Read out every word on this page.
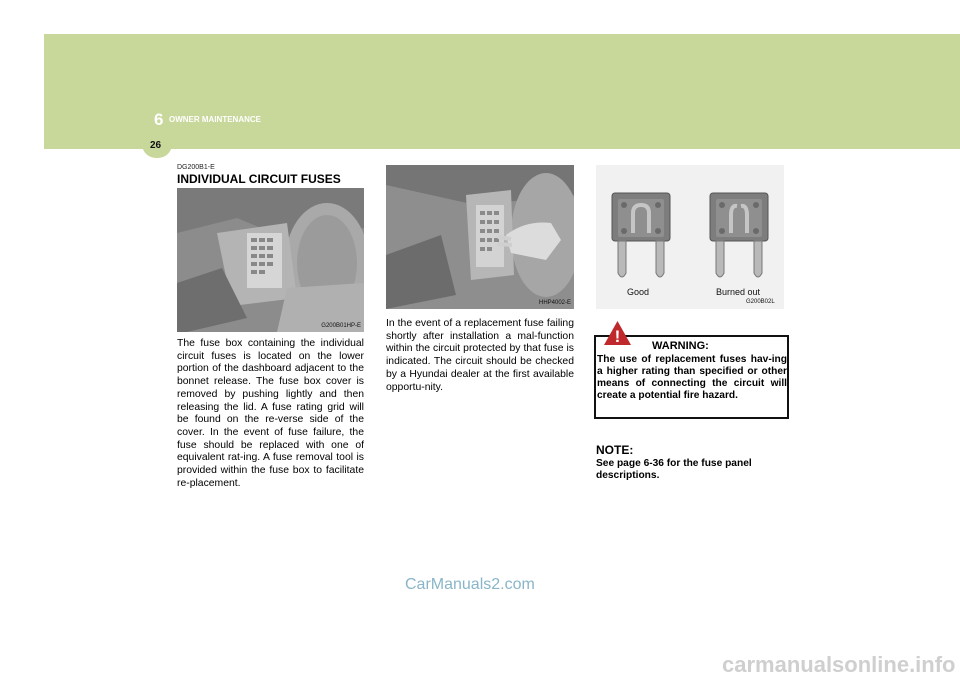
6 OWNER MAINTENANCE
26
DG200B1-E
INDIVIDUAL CIRCUIT FUSES
G200B01HP-E
HHP4002-E
Good	Burned out
G200B02L
The fuse box containing the individual circuit fuses is located on the lower portion of the dashboard adjacent to the bonnet release. The fuse box cover is removed by pushing lightly and then releasing the lid. A fuse rating grid will be found on the re-verse side of the cover. In the event of fuse failure, the fuse should be replaced with one of equivalent rat-ing. A fuse removal tool is provided within the fuse box to facilitate re-placement.
In the event of a replacement fuse failing shortly after installation a mal-function within the circuit protected by that fuse is indicated. The circuit should be checked by a Hyundai dealer at the first available opportu-nity.
!	WARNING:
The use of replacement fuses hav-ing a higher rating than specified or other means of connecting the circuit will create a potential fire hazard.
NOTE:
See page 6-36 for the fuse panel descriptions.
CarManuals2.com
carmanualsonline.info
